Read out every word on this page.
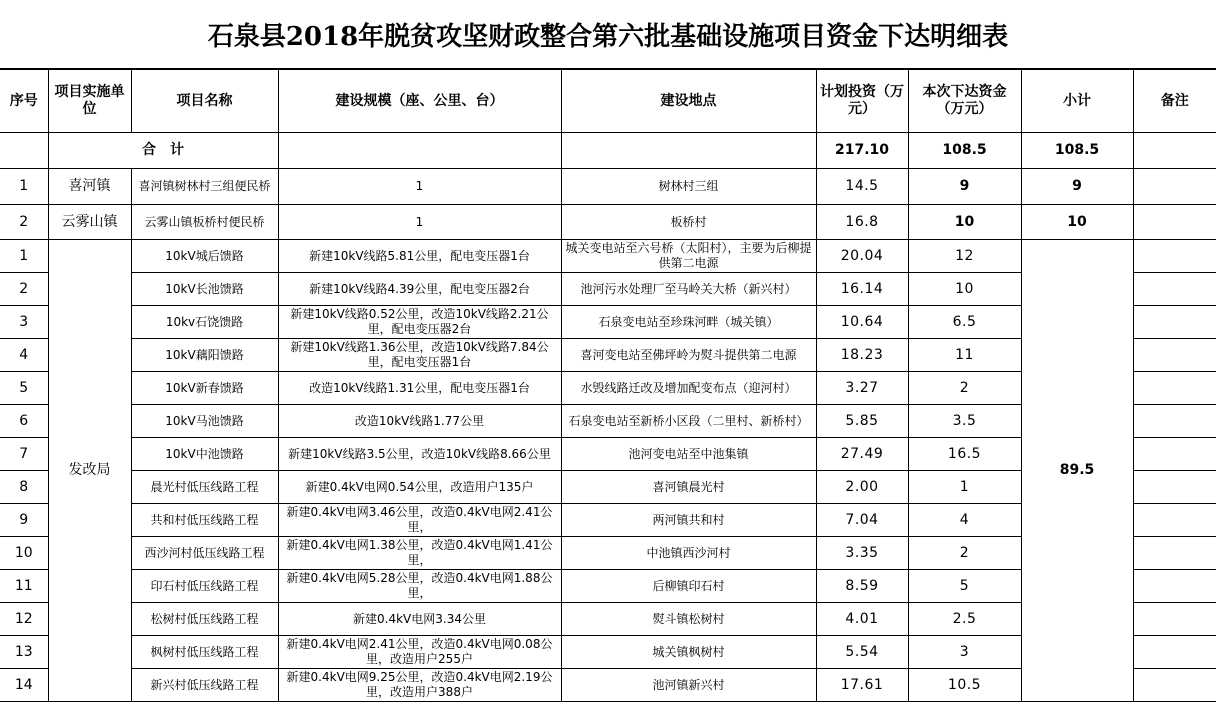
石泉县2018年脱贫攻坚财政整合第六批基础设施项目资金下达明细表
序号	项目实施单位	项目名称	建设规模（座、公里、台）	建设地点	计划投资（万元）	本次下达资金（万元）	小计	备注
	合　计				217.10	108.5	108.5	
1	喜河镇	喜河镇树林村三组便民桥	1	树林村三组	14.5	9	9	
2	云雾山镇	云雾山镇板桥村便民桥	1	板桥村	16.8	10	10	
1	发改局	10kV城后馈路	新建10kV线路5.81公里，配电变压器1台	城关变电站至六号桥（太阳村），主要为后柳提供第二电源	20.04	12	89.5	
2		10kV长池馈路	新建10kV线路4.39公里，配电变压器2台	池河污水处理厂至马岭关大桥（新兴村）	16.14	10		
3		10kv石饶馈路	新建10kV线路0.52公里，改造10kV线路2.21公里，配电变压器2台	石泉变电站至珍珠河畔（城关镇）	10.64	6.5		
4		10kV藕阳馈路	新建10kV线路1.36公里，改造10kV线路7.84公里，配电变压器1台	喜河变电站至佛坪岭为熨斗提供第二电源	18.23	11		
5		10kV新春馈路	改造10kV线路1.31公里，配电变压器1台	水毁线路迁改及增加配变布点（迎河村）	3.27	2		
6		10kV马池馈路	改造10kV线路1.77公里	石泉变电站至新桥小区段（二里村、新桥村）	5.85	3.5		
7		10kV中池馈路	新建10kV线路3.5公里，改造10kV线路8.66公里	池河变电站至中池集镇	27.49	16.5		
8		晨光村低压线路工程	新建0.4kV电网0.54公里，改造用户135户	喜河镇晨光村	2.00	1		
9		共和村低压线路工程	新建0.4kV电网3.46公里，改造0.4kV电网2.41公里，	两河镇共和村	7.04	4		
10		西沙河村低压线路工程	新建0.4kV电网1.38公里，改造0.4kV电网1.41公里，	中池镇西沙河村	3.35	2		
11		印石村低压线路工程	新建0.4kV电网5.28公里，改造0.4kV电网1.88公里，	后柳镇印石村	8.59	5		
12		松树村低压线路工程	新建0.4kV电网3.34公里	熨斗镇松树村	4.01	2.5		
13		枫树村低压线路工程	新建0.4kV电网2.41公里，改造0.4kV电网0.08公里，改造用户255户	城关镇枫树村	5.54	3		
14		新兴村低压线路工程	新建0.4kV电网9.25公里，改造0.4kV电网2.19公里，改造用户388户	池河镇新兴村	17.61	10.5		
